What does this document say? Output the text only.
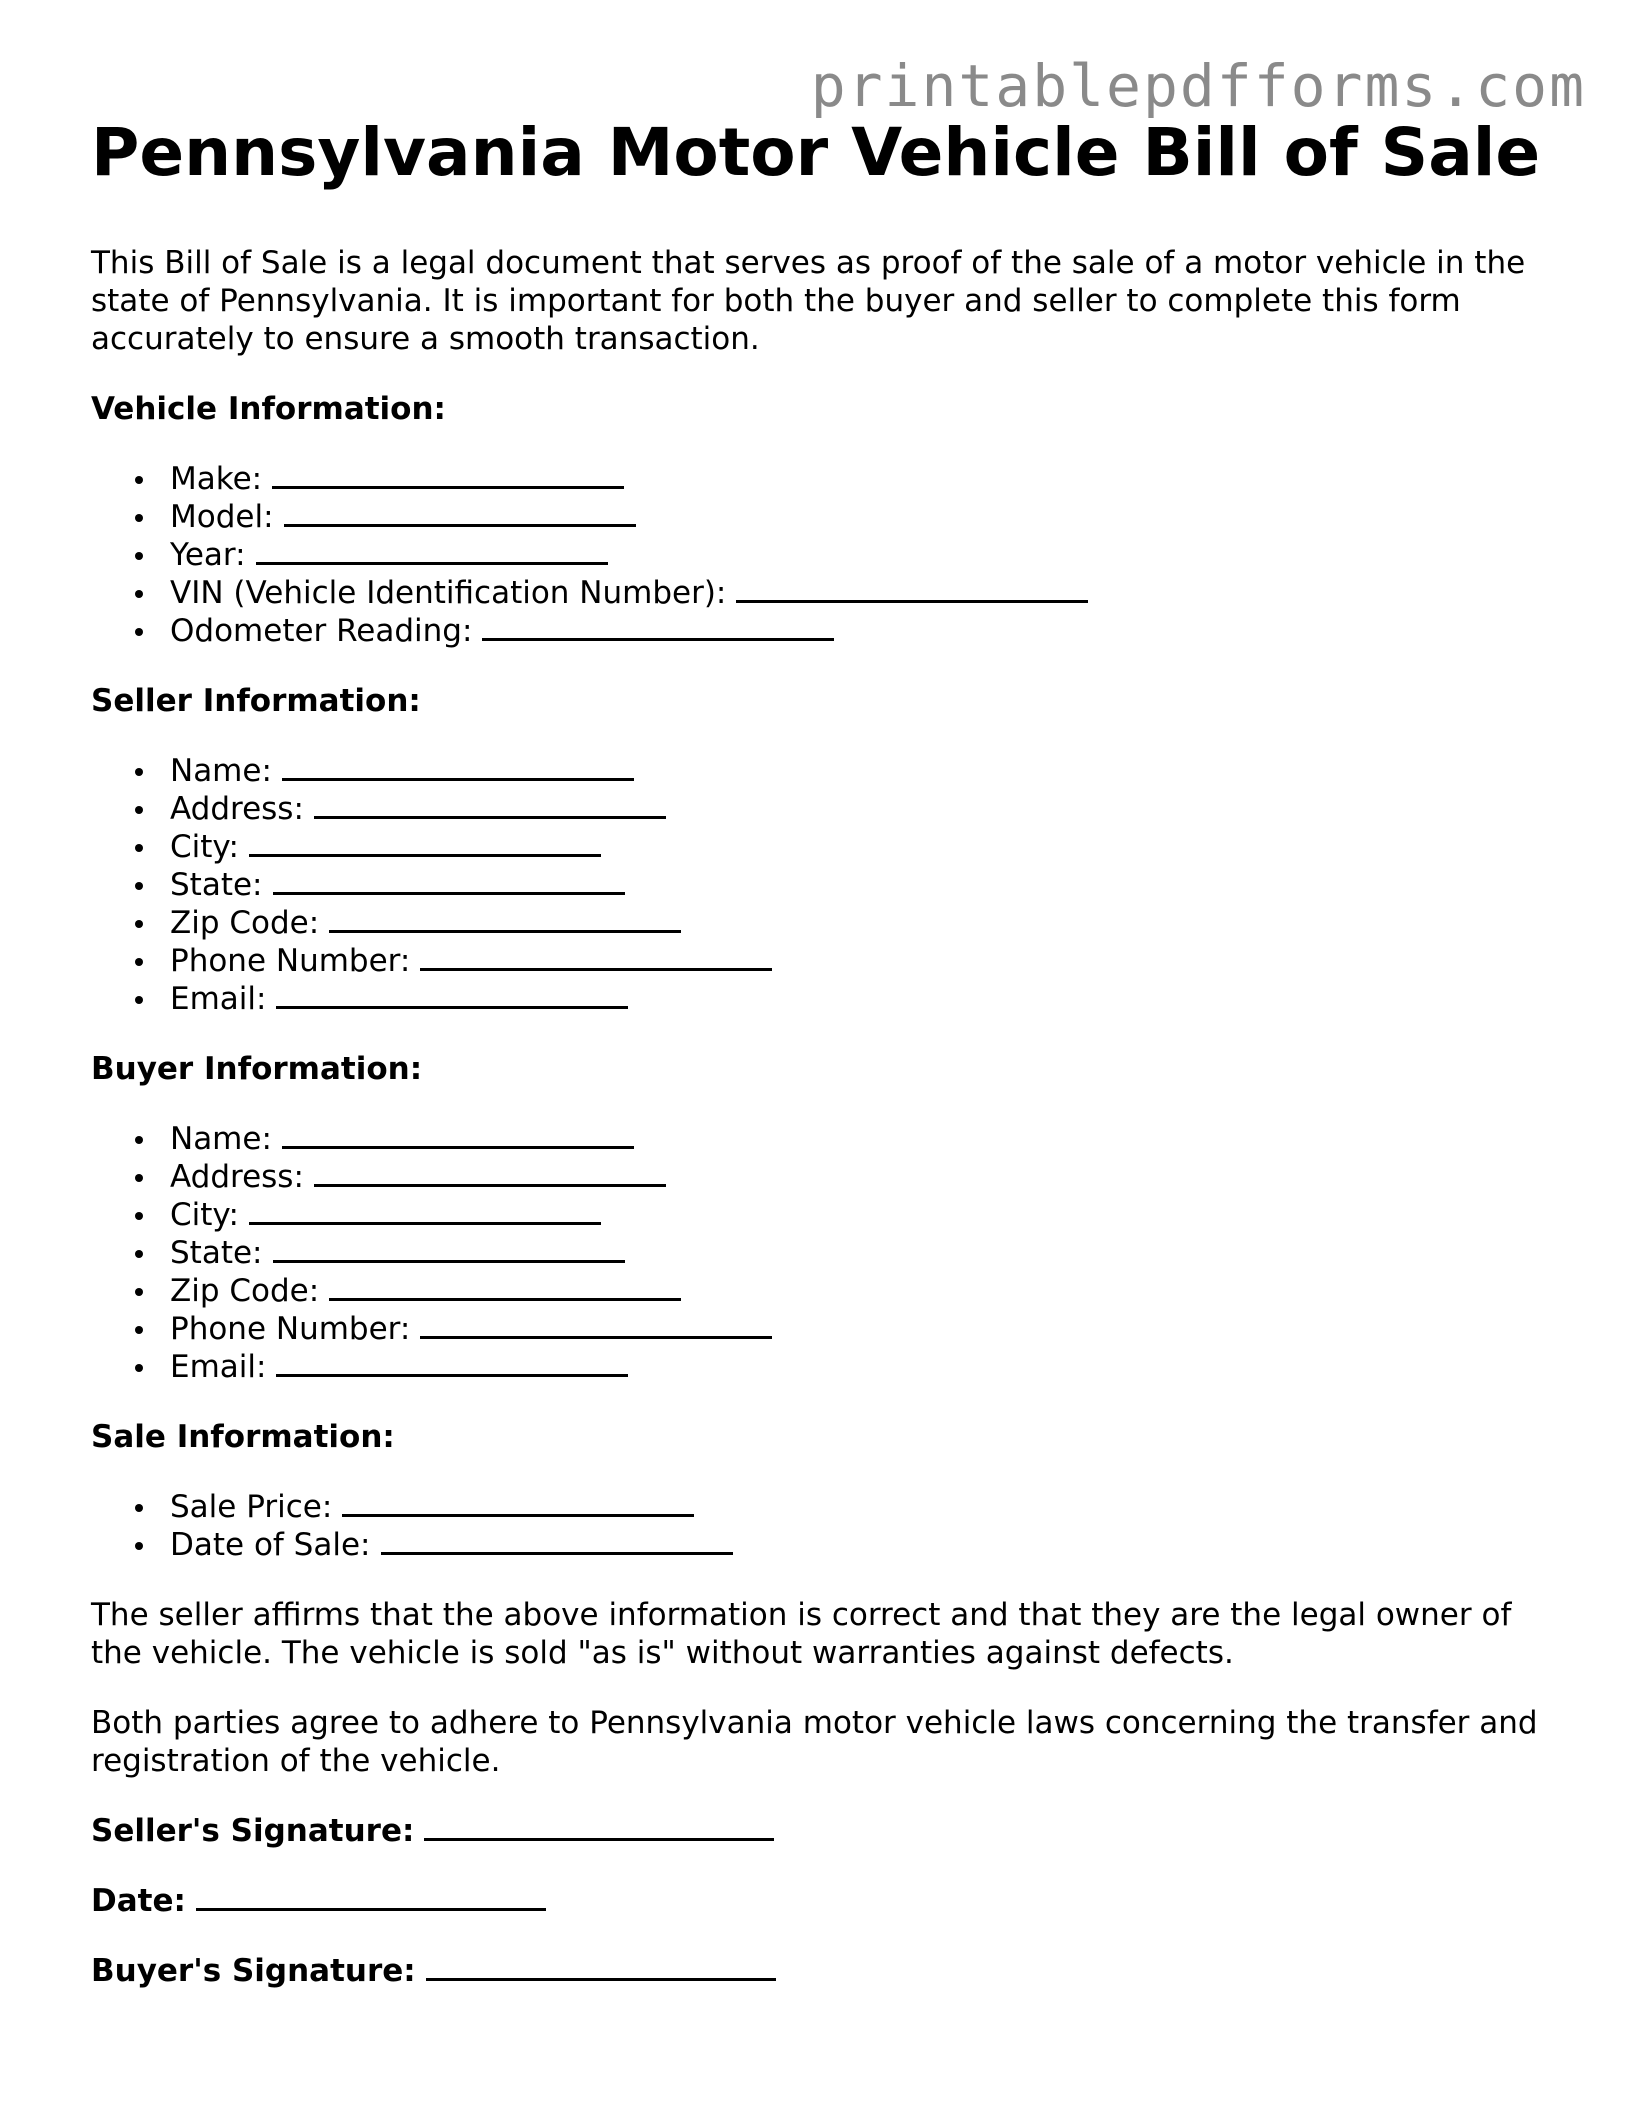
printablepdfforms.com
Pennsylvania Motor Vehicle Bill of Sale

This Bill of Sale is a legal document that serves as proof of the sale of a motor vehicle in the state of Pennsylvania. It is important for both the buyer and seller to complete this form accurately to ensure a smooth transaction.

Vehicle Information:
Make:
Model:
Year:
VIN (Vehicle Identification Number):
Odometer Reading:
Seller Information:
Name:
Address:
City:
State:
Zip Code:
Phone Number:
Email:
Buyer Information:
Name:
Address:
City:
State:
Zip Code:
Phone Number:
Email:
Sale Information:
Sale Price:
Date of Sale:

The seller affirms that the above information is correct and that they are the legal owner of the vehicle. The vehicle is sold "as is" without warranties against defects.

Both parties agree to adhere to Pennsylvania motor vehicle laws concerning the transfer and registration of the vehicle.

Seller's Signature:
Date:
Buyer's Signature:
